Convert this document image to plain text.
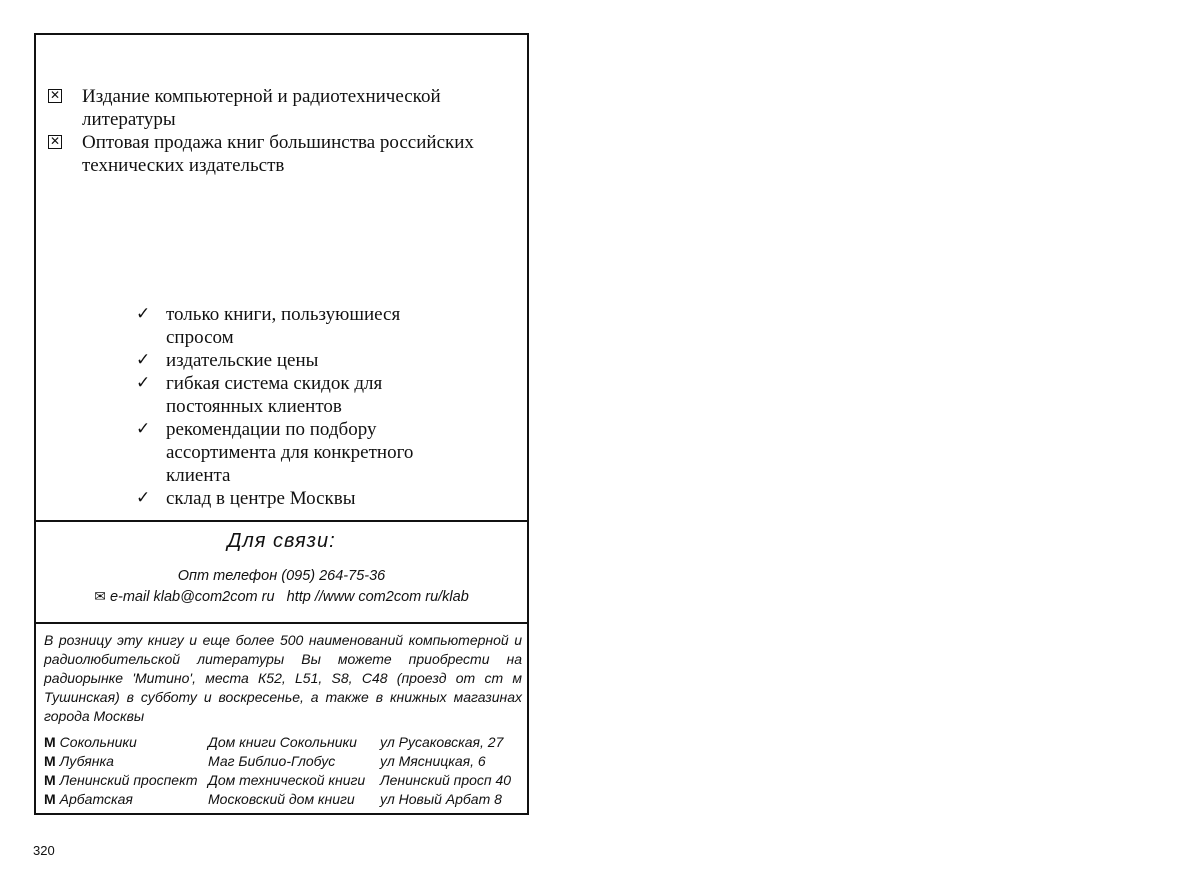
✕ Издание компьютерной и радиотехнической литературы
✕ Оптовая продажа книг большинства российских технических издательств
✓ только книги, пользуюшиеся спросом
✓ издательские цены
✓ гибкая система скидок для постоянных клиентов
✓ рекомендации по подбору ассортимента для конкретного клиента
✓ склад в центре Москвы
Для связи:
Опт телефон (095) 264-75-36
✉ e-mail klab@com2com ru http //www com2com ru/klab
В розницу эту книгу и еще более 500 наименований компьютерной и радиолюбительской литературы Вы можете приобрести на радиорынке 'Митино', места К52, L51, S8, C48 (проезд от ст м Тушинская) в субботу и воскресенье, а также в книжных магазинах города Москвы
М Сокольники	Дом книги Сокольники	ул Русаковская, 27
М Лубянка	Маг Библио-Глобус	ул Мясницкая, 6
М Ленинский проспект	Дом технической книги	Ленинский просп 40
М Арбатская	Московский дом книги	ул Новый Арбат 8
320
